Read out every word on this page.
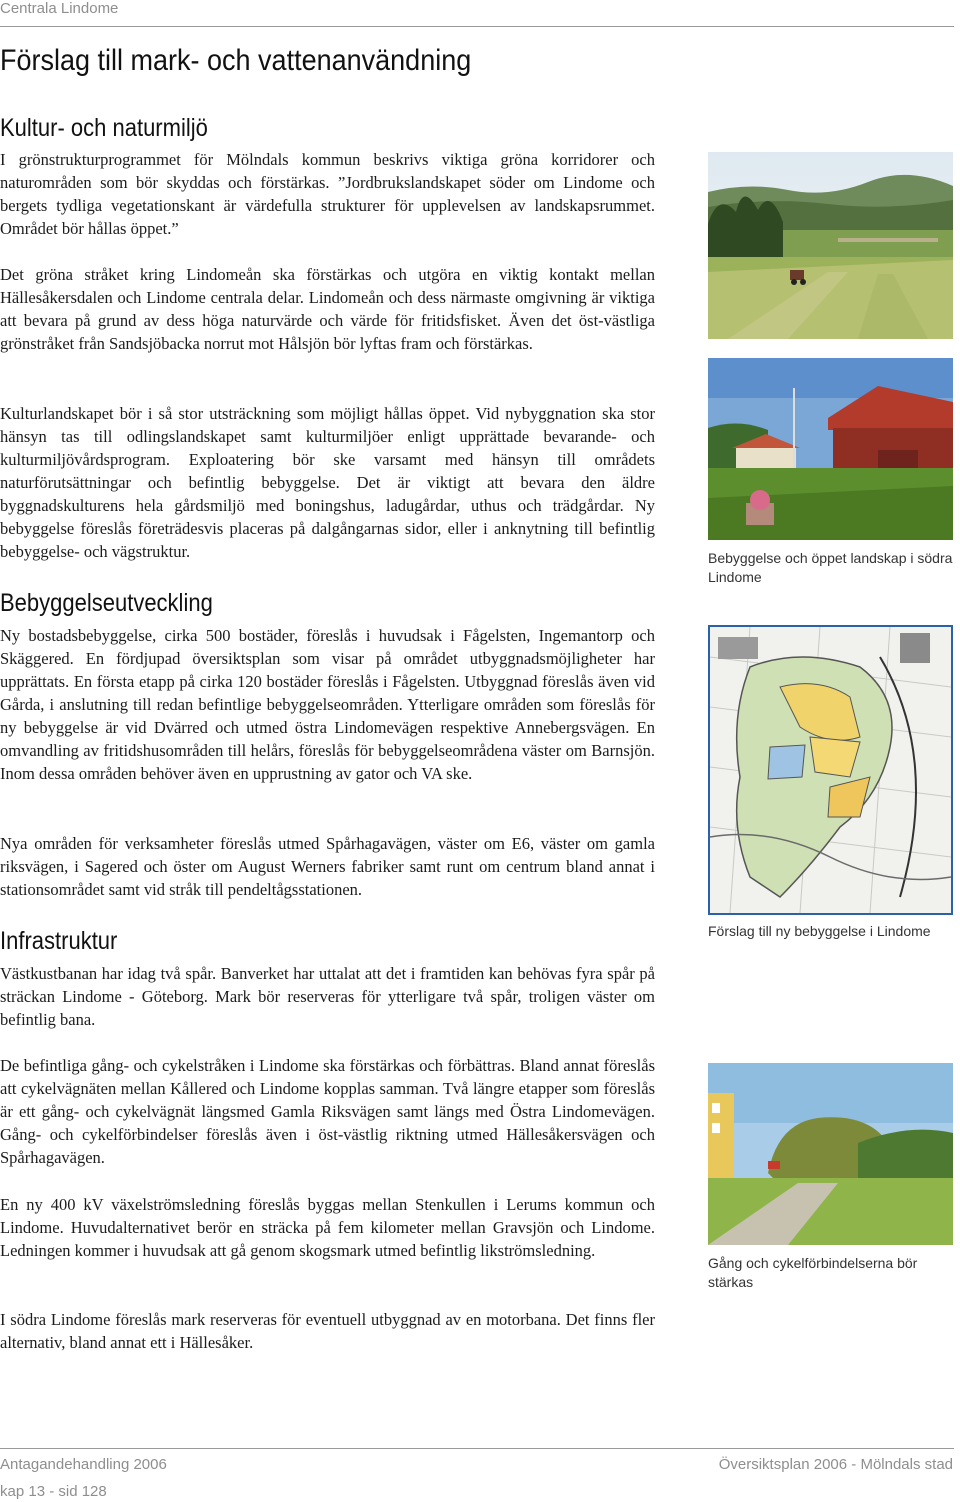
Centrala Lindome
Förslag till mark- och vattenanvändning
Kultur- och naturmiljö

I grönstrukturprogrammet för Mölndals kommun beskrivs viktiga gröna korridorer och naturområden som bör skyddas och förstärkas. ”Jordbrukslandskapet söder om Lindome och bergets tydliga vegetationskant är värdefulla strukturer för upplevelsen av landskapsrummet. Området bör hållas öppet.”

Det gröna stråket kring Lindomeån ska förstärkas och utgöra en viktig kontakt mellan Hällesåkersdalen och Lindome centrala delar. Lindomeån och dess närmaste omgivning är viktiga att bevara på grund av dess höga naturvärde och värde för fritidsfisket. Även det öst-västliga grönstråket från Sandsjöbacka norrut mot Hålsjön bör lyftas fram och förstärkas.

Kulturlandskapet bör i så stor utsträckning som möjligt hållas öppet. Vid nybyggnation ska stor hänsyn tas till odlingslandskapet samt kulturmiljöer enligt upprättade bevarande- och kulturmiljövårdsprogram. Exploatering bör ske varsamt med hänsyn till områdets naturförutsättningar och befintlig bebyggelse. Det är viktigt att bevara den äldre byggnadskulturens hela gårdsmiljö med boningshus, ladugårdar, uthus och trädgårdar. Ny bebyggelse föreslås företrädesvis placeras på dalgångarnas sidor, eller i anknytning till befintlig bebyggelse- och vägstruktur.

Bebyggelseutveckling

Ny bostadsbebyggelse, cirka 500 bostäder, föreslås i huvudsak i Fågelsten, Ingemantorp och Skäggered. En fördjupad översiktsplan som visar på området utbyggnadsmöjligheter har upprättats. En första etapp på cirka 120 bostäder föreslås i Fågelsten. Utbyggnad föreslås även vid Gårda, i anslutning till redan befintlige bebyggelseområden. Ytterligare områden som föreslås för ny bebyggelse är vid Dvärred och utmed östra Lindomevägen respektive Annebergsvägen. En omvandling av fritidshusområden till helårs, föreslås för bebyggelseområdena väster om Barnsjön. Inom dessa områden behöver även en upprustning av gator och VA ske.

Nya områden för verksamheter föreslås utmed Spårhagavägen, väster om E6, väster om gamla riksvägen, i Sagered och öster om August Werners fabriker samt runt om centrum bland annat i stationsområdet samt vid stråk till pendeltågsstationen.

Infrastruktur

Västkustbanan har idag två spår. Banverket har uttalat att det i framtiden kan behövas fyra spår på sträckan Lindome - Göteborg. Mark bör reserveras för ytterligare två spår, troligen väster om befintlig bana.

De befintliga gång- och cykelstråken i Lindome ska förstärkas och förbättras. Bland annat föreslås att cykelvägnäten mellan Kållered och Lindome kopplas samman. Två längre etapper som föreslås är ett gång- och cykelvägnät längsmed Gamla Riksvägen samt längs med Östra Lindomevägen. Gång- och cykelförbindelser föreslås även i öst-västlig riktning utmed Hällesåkersvägen och Spårhagavägen.

En ny 400 kV växelströmsledning föreslås byggas mellan Stenkullen i Lerums kommun och Lindome. Huvudalternativet berör en sträcka på fem kilometer mellan Gravsjön och Lindome. Ledningen kommer i huvudsak att gå genom skogsmark utmed befintlig likströmsledning.

I södra Lindome föreslås mark reserveras för eventuell utbyggnad av en motorbana. Det finns fler alternativ, bland annat ett i Hällesåker.

Bebyggelse och öppet landskap i södra Lindome
Förslag till ny bebyggelse i Lindome
Gång och cykelförbindelserna bör stärkas
Antagandehandling 2006	Översiktsplan 2006 - Mölndals stad
kap 13 - sid 128
